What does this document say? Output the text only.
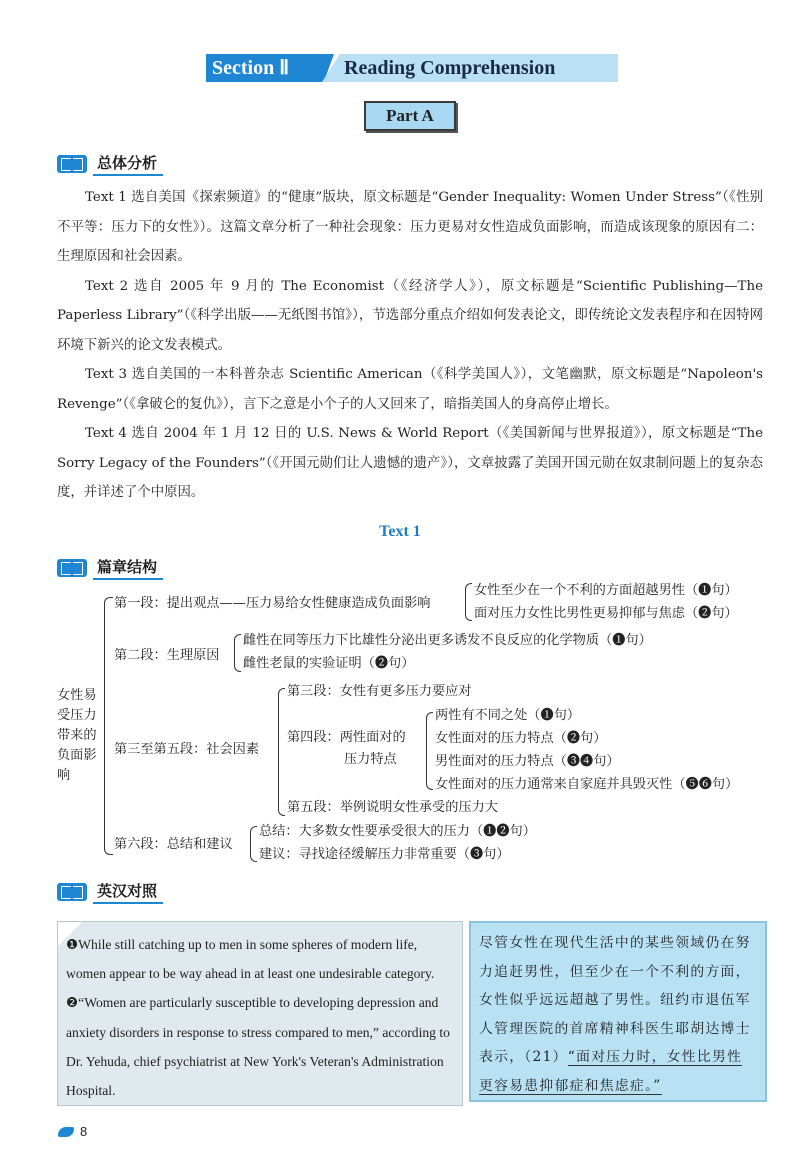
Section Ⅱ	Reading Comprehension
Part A
总体分析

Text 1 选自美国《探索频道》的“健康”版块，原文标题是“Gender Inequality: Women Under Stress”（《性别不平等：压力下的女性》）。这篇文章分析了一种社会现象：压力更易对女性造成负面影响，而造成该现象的原因有二：生理原因和社会因素。

Text 2 选自 2005 年 9 月的 The Economist（《经济学人》），原文标题是“Scientific Publishing—The Paperless Library”（《科学出版——无纸图书馆》），节选部分重点介绍如何发表论文，即传统论文发表程序和在因特网环境下新兴的论文发表模式。

Text 3 选自美国的一本科普杂志 Scientific American（《科学美国人》），文笔幽默，原文标题是“Napoleon's Revenge”（《拿破仑的复仇》），言下之意是小个子的人又回来了，暗指美国人的身高停止增长。

Text 4 选自 2004 年 1 月 12 日的 U.S. News & World Report（《美国新闻与世界报道》），原文标题是“The Sorry Legacy of the Founders”（《开国元勋们让人遗憾的遗产》），文章披露了美国开国元勋在奴隶制问题上的复杂态度，并详述了个中原因。

Text 1
篇章结构
女性易受压力带来的负面影响
第一段：提出观点——压力易给女性健康造成负面影响
女性至少在一个不利的方面超越男性（❶句）
面对压力女性比男性更易抑郁与焦虑（❷句）
第二段：生理原因
雌性在同等压力下比雄性分泌出更多诱发不良反应的化学物质（❶句）
雌性老鼠的实验证明（❷句）
第三至第五段：社会因素
第三段：女性有更多压力要应对
第四段：两性面对的
压力特点
两性有不同之处（❶句）
女性面对的压力特点（❷句）
男性面对的压力特点（❸❹句）
女性面对的压力通常来自家庭并具毁灭性（❺❻句）
第五段：举例说明女性承受的压力大
第六段：总结和建议
总结：大多数女性要承受很大的压力（❶❷句）
建议：寻找途径缓解压力非常重要（❸句）
英汉对照
❶While still catching up to men in some spheres of modern life, women appear to be way ahead in at least one undesirable category. ❷“Women are particularly susceptible to developing depression and anxiety disorders in response to stress compared to men,” according to Dr. Yehuda, chief psychiatrist at New York's Veteran's Administration Hospital.
尽管女性在现代生活中的某些领域仍在努力追赶男性，但至少在一个不利的方面，女性似乎远远超越了男性。纽约市退伍军人管理医院的首席精神科医生耶胡达博士表示，（21）“面对压力时，女性比男性更容易患抑郁症和焦虑症。”
8
